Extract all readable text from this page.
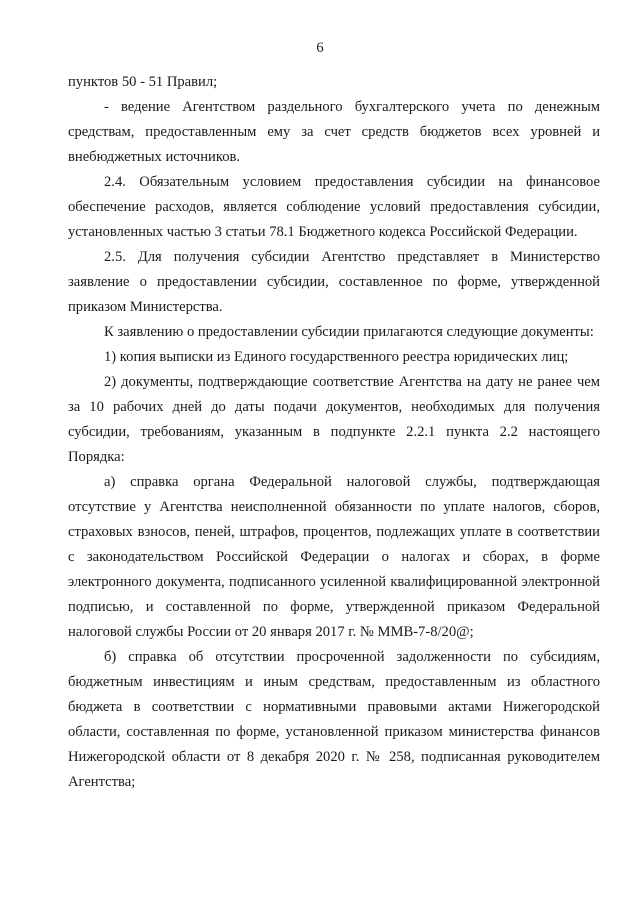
6

пунктов 50 - 51 Правил;

- ведение Агентством раздельного бухгалтерского учета по денежным средствам, предоставленным ему за счет средств бюджетов всех уровней и внебюджетных источников.

2.4. Обязательным условием предоставления субсидии на финансовое обеспечение расходов, является соблюдение условий предоставления субсидии, установленных частью 3 статьи 78.1 Бюджетного кодекса Российской Федерации.

2.5. Для получения субсидии Агентство представляет в Министерство заявление о предоставлении субсидии, составленное по форме, утвержденной приказом Министерства.

К заявлению о предоставлении субсидии прилагаются следующие документы:

1) копия выписки из Единого государственного реестра юридических лиц;

2) документы, подтверждающие соответствие Агентства на дату не ранее чем за 10 рабочих дней до даты подачи документов, необходимых для получения субсидии, требованиям, указанным в подпункте 2.2.1 пункта 2.2 настоящего Порядка:

а) справка органа Федеральной налоговой службы, подтверждающая отсутствие у Агентства неисполненной обязанности по уплате налогов, сборов, страховых взносов, пеней, штрафов, процентов, подлежащих уплате в соответствии с законодательством Российской Федерации о налогах и сборах, в форме электронного документа, подписанного усиленной квалифицированной электронной подписью, и составленной по форме, утвержденной приказом Федеральной налоговой службы России от 20 января 2017 г. № ММВ-7-8/20@;

б) справка об отсутствии просроченной задолженности по субсидиям, бюджетным инвестициям и иным средствам, предоставленным из областного бюджета в соответствии с нормативными правовыми актами Нижегородской области, составленная по форме, установленной приказом министерства финансов Нижегородской области от 8 декабря 2020 г. № 258, подписанная руководителем Агентства;
